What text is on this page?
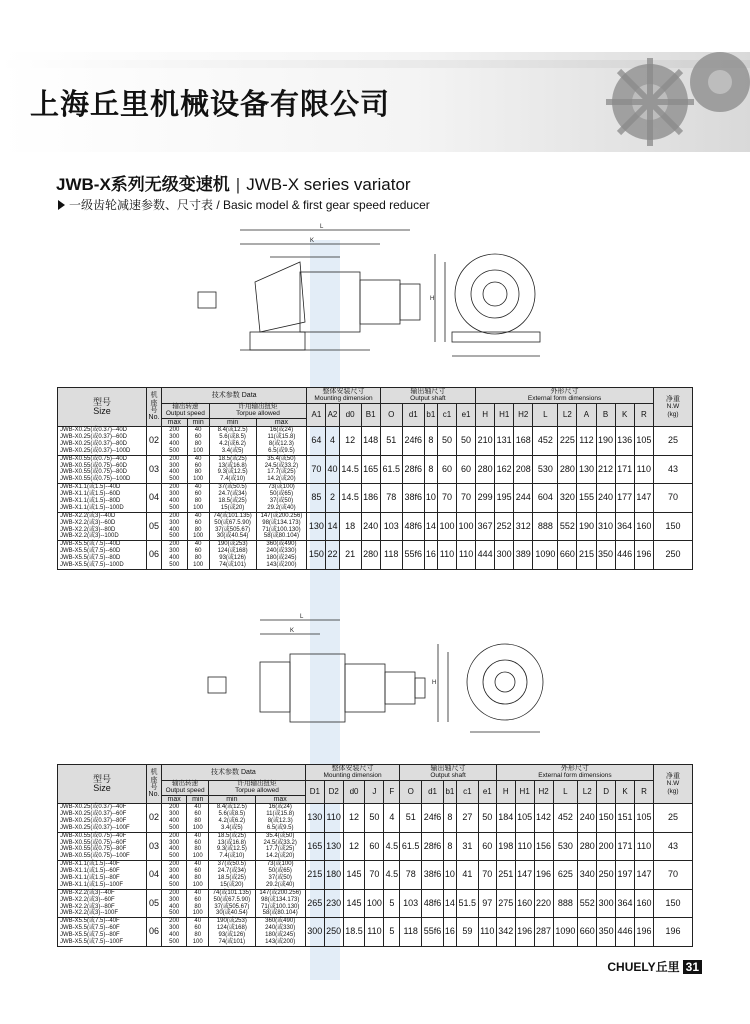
上海丘里机械设备有限公司
JWB-X系列无级变速机 | JWB-X series variator
一级齿轮减速参数、尺寸表 / Basic model & first gear speed reducer
L
K
H
型号
Size	机
座
号
No.	技术参数 Data				整体安装尺寸
Mounting dimension				输出轴尺寸
Output shaft					外形尺寸
External form dimensions									净重
N.W
(kg)
		输出转速
Output speed		许用输出扭矩
Torpue allowed		A1	A2	d0	B1	O	d1	b1	c1	e1	H	H1	H2	L	L2	A	B	K	R	
		max	min	min	max																			
JWB-X0.25(或0.37)--40D
JWB-X0.25(或0.37)--60D
JWB-X0.25(或0.37)--80D
JWB-X0.25(或0.37)--100D	02	200
300
400
500	40
60
80
100	8.4(或12.5)
5.6(或8.5)
4.2(或6.2)
3.4(或5)	16(或24)
11(或15.8)
8(或12.3)
6.5(或9.5)	64	4	12	148	51	24f6	8	50	50	210	131	168	452	225	112	190	136	105	25
JWB-X0.55(或0.75)--40D
JWB-X0.55(或0.75)--60D
JWB-X0.55(或0.75)--80D
JWB-X0.55(或0.75)--100D	03	200
300
400
500	40
60
80
100	18.5(或25)
13(或16.8)
9.3(或12.5)
7.4(或10)	35.4(或50)
24.5(或33.2)
17.7(或25)
14.2(或20)	70	40	14.5	165	61.5	28f6	8	60	60	280	162	208	530	280	130	212	171	110	43
JWB-X1.1(或1.5)--40D
JWB-X1.1(或1.5)--60D
JWB-X1.1(或1.5)--80D
JWB-X1.1(或1.5)--100D	04	200
300
400
500	40
60
80
100	37(或50.5)
24.7(或34)
18.5(或25)
15(或20)	73(或100)
50(或65)
37(或50)
29.2(或40)	85	2	14.5	186	78	38f6	10	70	70	299	195	244	604	320	155	240	177	147	70
JWB-X2.2(或3)--40D
JWB-X2.2(或3)--60D
JWB-X2.2(或3)--80D
JWB-X2.2(或3)--100D	05	200
300
400
500	40
60
80
100	74(或101.135)
50(或67.5.90)
37(或505.67)
30(或40.54)	147(或200.256)
98(或134.173)
71(或100.130)
58(或80.104)	130	14	18	240	103	48f6	14	100	100	367	252	312	888	552	190	310	364	160	150
JWB-X5.5(或7.5)--40D
JWB-X5.5(或7.5)--60D
JWB-X5.5(或7.5)--80D
JWB-X5.5(或7.5)--100D	06	200
300
400
500	40
60
80
100	190(或253)
124(或168)
93(或126)
74(或101)	360(或490)
240(或330)
180(或245)
143(或200)	150	22	21	280	118	55f6	16	110	110	444	300	389	1090	660	215	350	446	196	250
L
K
H
型号
Size	机
座
号
No.	技术参数 Data				整体安装尺寸
Mounting dimension					输出轴尺寸
Output shaft					外形尺寸
External form dimensions								净重
N.W
(kg)
		输出转速
Output speed		许用输出扭矩
Torpue allowed		D1	D2	d0	J	F	O	d1	b1	c1	e1	H	H1	H2	L	L2	D	K	R	
		max	min	min	max																			
JWB-X0.25(或0.37)--40F
JWB-X0.25(或0.37)--60F
JWB-X0.25(或0.37)--80F
JWB-X0.25(或0.37)--100F	02	200
300
400
500	40
60
80
100	8.4(或12.5)
5.6(或8.5)
4.2(或6.2)
3.4(或5)	16(或24)
11(或15.8)
8(或12.3)
6.5(或9.5)	130	110	12	50	4	51	24f6	8	27	50	184	105	142	452	240	150	151	105	25
JWB-X0.55(或0.75)--40F
JWB-X0.55(或0.75)--60F
JWB-X0.55(或0.75)--80F
JWB-X0.55(或0.75)--100F	03	200
300
400
500	40
60
80
100	18.5(或25)
13(或16.8)
9.3(或12.5)
7.4(或10)	35.4(或50)
24.5(或33.2)
17.7(或25)
14.2(或20)	165	130	12	60	4.5	61.5	28f6	8	31	60	198	110	156	530	280	200	171	110	43
JWB-X1.1(或1.5)--40F
JWB-X1.1(或1.5)--60F
JWB-X1.1(或1.5)--80F
JWB-X1.1(或1.5)--100F	04	200
300
400
500	40
60
80
100	37(或50.5)
24.7(或34)
18.5(或25)
15(或20)	73(或100)
50(或65)
37(或50)
29.2(或40)	215	180	145	70	4.5	78	38f6	10	41	70	251	147	196	625	340	250	197	147	70
JWB-X2.2(或3)--40F
JWB-X2.2(或3)--60F
JWB-X2.2(或3)--80F
JWB-X2.2(或3)--100F	05	200
300
400
500	40
60
80
100	74(或101.135)
50(或67.5.90)
37(或505.67)
30(或40.54)	147(或200.256)
98(或134.173)
71(或100.130)
58(或80.104)	265	230	145	100	5	103	48f6	14	51.5	97	275	160	220	888	552	300	364	160	150
JWB-X5.5(或7.5)--40F
JWB-X5.5(或7.5)--60F
JWB-X5.5(或7.5)--80F
JWB-X5.5(或7.5)--100F	06	200
300
400
500	40
60
80
100	190(或253)
124(或168)
93(或126)
74(或101)	360(或490)
240(或330)
180(或245)
143(或200)	300	250	18.5	110	5	118	55f6	16	59	110	342	196	287	1090	660	350	446	196	196
CHUELY丘里 31
